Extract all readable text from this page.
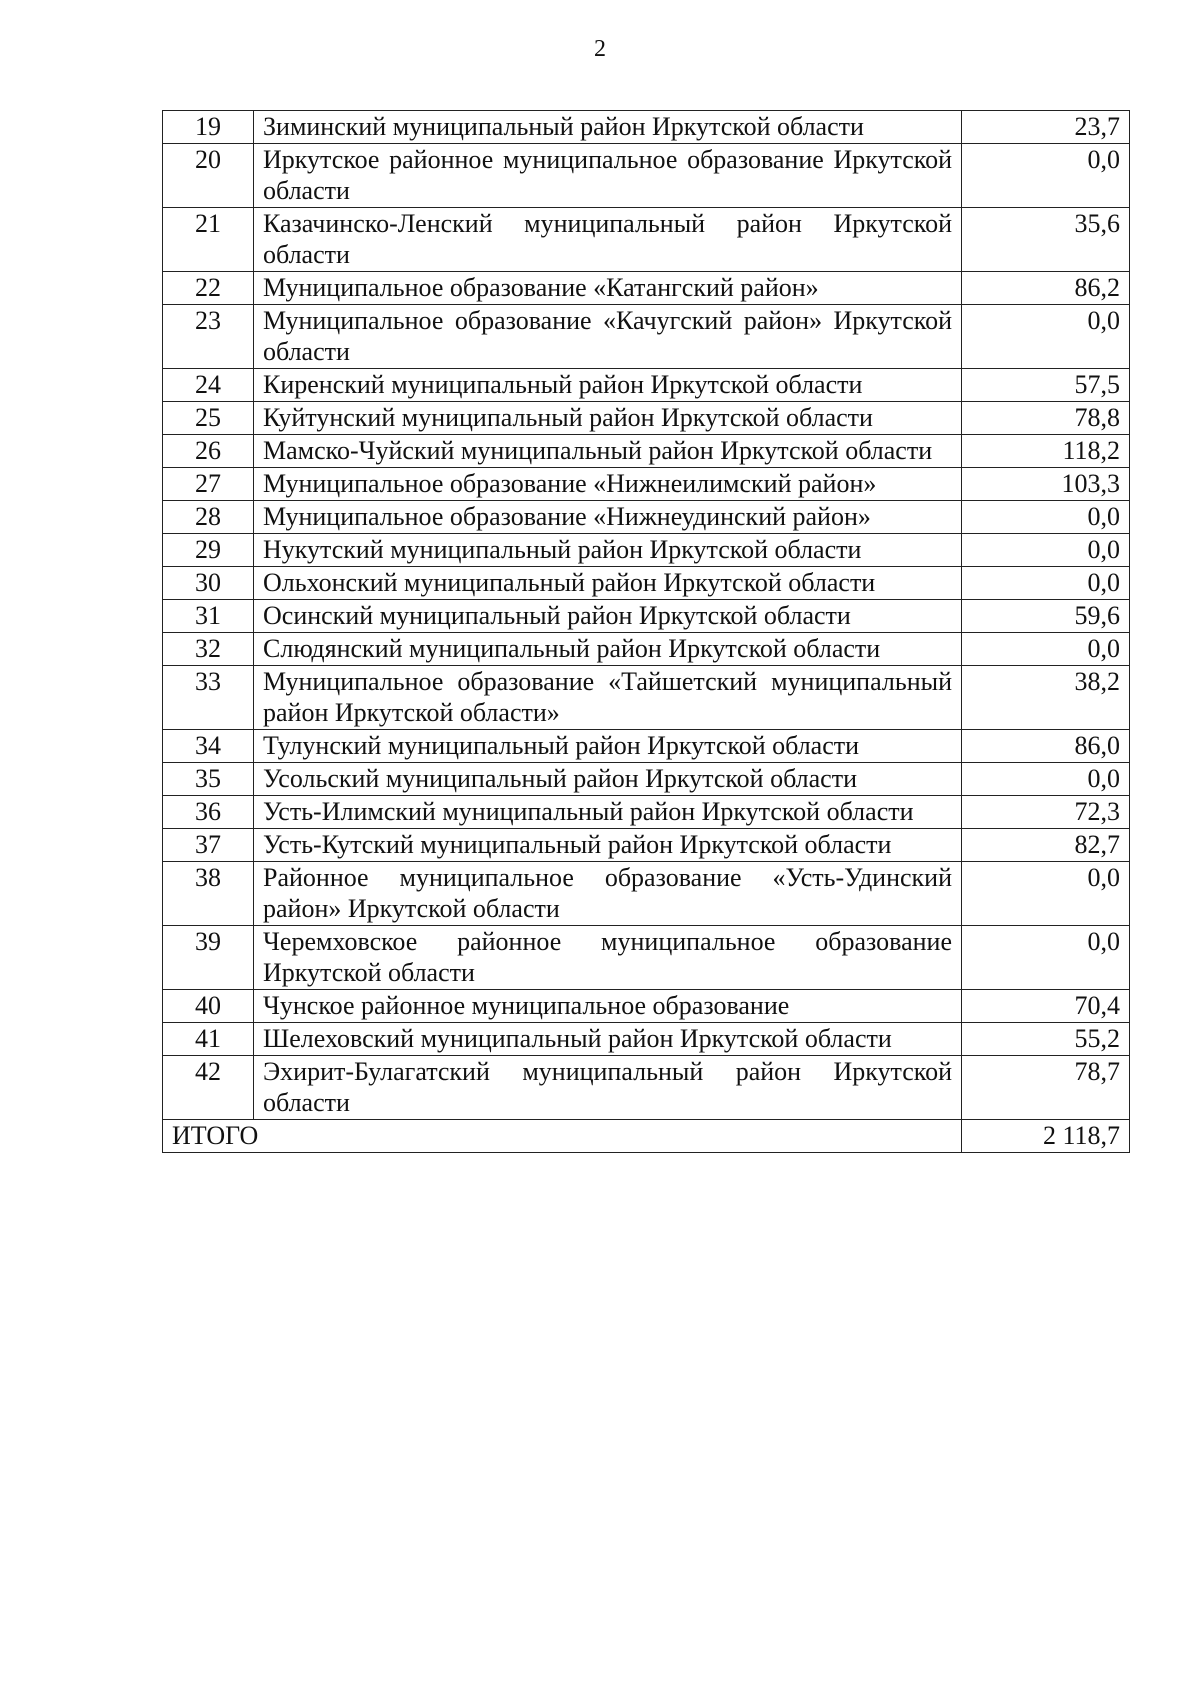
2
19	Зиминский муниципальный район Иркутской области	23,7
20	Иркутское районное муниципальное образование Иркутской области	0,0
21	Казачинско-Ленский муниципальный район Иркутской области	35,6
22	Муниципальное образование «Катангский район»	86,2
23	Муниципальное образование «Качугский район» Иркутской области	0,0
24	Киренский муниципальный район Иркутской области	57,5
25	Куйтунский муниципальный район Иркутской области	78,8
26	Мамско-Чуйский муниципальный район Иркутской области	118,2
27	Муниципальное образование «Нижнеилимский район»	103,3
28	Муниципальное образование «Нижнеудинский район»	0,0
29	Нукутский муниципальный район Иркутской области	0,0
30	Ольхонский муниципальный район Иркутской области	0,0
31	Осинский муниципальный район Иркутской области	59,6
32	Слюдянский муниципальный район Иркутской области	0,0
33	Муниципальное образование «Тайшетский муниципальный район Иркутской области»	38,2
34	Тулунский муниципальный район Иркутской области	86,0
35	Усольский муниципальный район Иркутской области	0,0
36	Усть-Илимский муниципальный район Иркутской области	72,3
37	Усть-Кутский муниципальный район Иркутской области	82,7
38	Районное муниципальное образование «Усть-Удинский район» Иркутской области	0,0
39	Черемховское районное муниципальное образование Иркутской области	0,0
40	Чунское районное муниципальное образование	70,4
41	Шелеховский муниципальный район Иркутской области	55,2
42	Эхирит-Булагатский муниципальный район Иркутской области	78,7
ИТОГО		2 118,7
